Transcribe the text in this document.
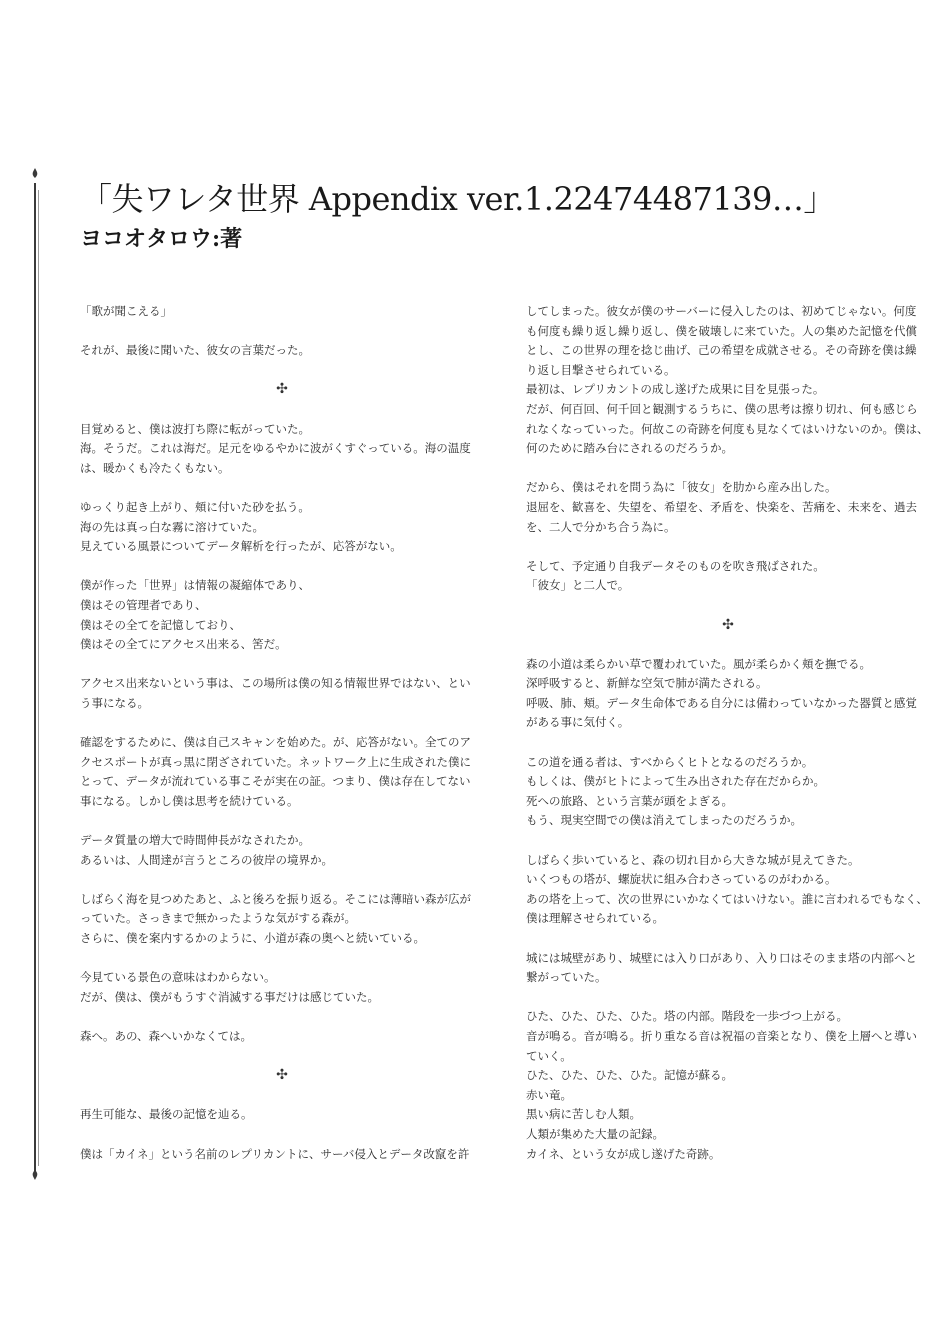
「失ワレタ世界 Appendix ver.1.22474487139…」
ヨコオタロウ:著

「歌が聞こえる」

それが、最後に聞いた、彼女の言葉だった。

✣

目覚めると、僕は波打ち際に転がっていた。

海。そうだ。これは海だ。足元をゆるやかに波がくすぐっている。海の温度

は、暖かくも冷たくもない。

ゆっくり起き上がり、頬に付いた砂を払う。

海の先は真っ白な霧に溶けていた。

見えている風景についてデータ解析を行ったが、応答がない。

僕が作った「世界」は情報の凝縮体であり、

僕はその管理者であり、

僕はその全てを記憶しており、

僕はその全てにアクセス出来る、筈だ。

アクセス出来ないという事は、この場所は僕の知る情報世界ではない、とい

う事になる。

確認をするために、僕は自己スキャンを始めた。が、応答がない。全てのア

クセスポートが真っ黒に閉ざされていた。ネットワーク上に生成された僕に

とって、データが流れている事こそが実在の証。つまり、僕は存在してない

事になる。しかし僕は思考を続けている。

データ質量の増大で時間伸長がなされたか。

あるいは、人間達が言うところの彼岸の境界か。

しばらく海を見つめたあと、ふと後ろを振り返る。そこには薄暗い森が広が

っていた。さっきまで無かったような気がする森が。

さらに、僕を案内するかのように、小道が森の奥へと続いている。

今見ている景色の意味はわからない。

だが、僕は、僕がもうすぐ消滅する事だけは感じていた。

森へ。あの、森へいかなくては。

✣

再生可能な、最後の記憶を辿る。

僕は「カイネ」という名前のレプリカントに、サーバ侵入とデータ改竄を許

してしまった。彼女が僕のサーバーに侵入したのは、初めてじゃない。何度

も何度も繰り返し繰り返し、僕を破壊しに来ていた。人の集めた記憶を代償

とし、この世界の理を捻じ曲げ、己の希望を成就させる。その奇跡を僕は繰

り返し目撃させられている。

最初は、レプリカントの成し遂げた成果に目を見張った。

だが、何百回、何千回と観測するうちに、僕の思考は擦り切れ、何も感じら

れなくなっていった。何故この奇跡を何度も見なくてはいけないのか。僕は、

何のために踏み台にされるのだろうか。

だから、僕はそれを問う為に「彼女」を肋から産み出した。

退屈を、歓喜を、失望を、希望を、矛盾を、快楽を、苦痛を、未来を、過去

を、二人で分かち合う為に。

そして、予定通り自我データそのものを吹き飛ばされた。

「彼女」と二人で。

✣

森の小道は柔らかい草で覆われていた。風が柔らかく頬を撫でる。

深呼吸すると、新鮮な空気で肺が満たされる。

呼吸、肺、頬。データ生命体である自分には備わっていなかった器質と感覚

がある事に気付く。

この道を通る者は、すべからくヒトとなるのだろうか。

もしくは、僕がヒトによって生み出された存在だからか。

死への旅路、という言葉が頭をよぎる。

もう、現実空間での僕は消えてしまったのだろうか。

しばらく歩いていると、森の切れ目から大きな城が見えてきた。

いくつもの塔が、螺旋状に組み合わさっているのがわかる。

あの塔を上って、次の世界にいかなくてはいけない。誰に言われるでもなく、

僕は理解させられている。

城には城壁があり、城壁には入り口があり、入り口はそのまま塔の内部へと

繋がっていた。

ひた、ひた、ひた、ひた。塔の内部。階段を一歩づつ上がる。

音が鳴る。音が鳴る。折り重なる音は祝福の音楽となり、僕を上層へと導い

ていく。

ひた、ひた、ひた、ひた。記憶が蘇る。

赤い竜。

黒い病に苦しむ人類。

人類が集めた大量の記録。

カイネ、という女が成し遂げた奇跡。
